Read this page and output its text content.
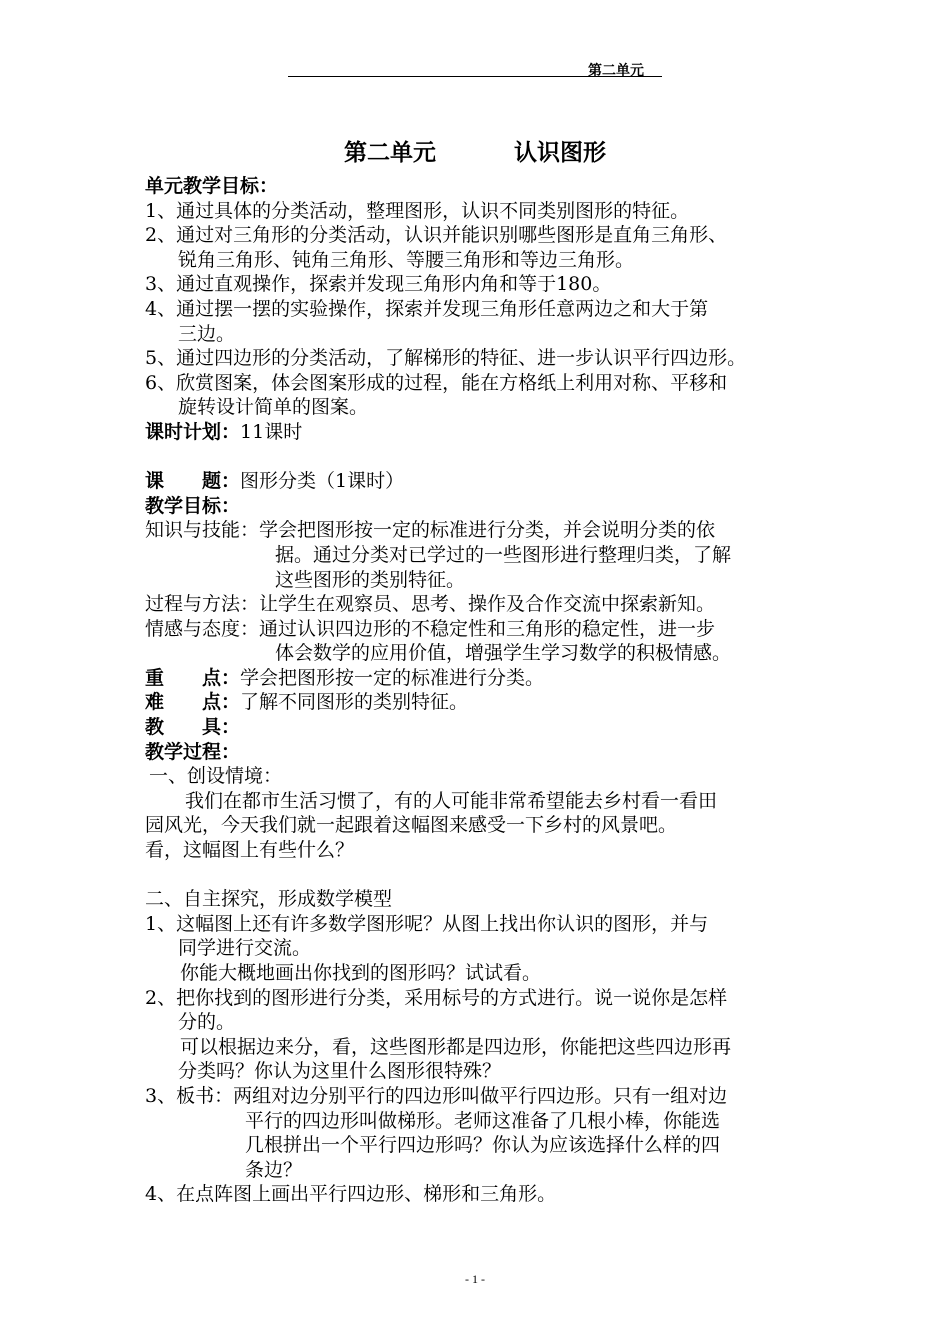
第二单元
第二单元	认识图形
单元教学目标：
1、通过具体的分类活动，整理图形，认识不同类别图形的特征。
2、通过对三角形的分类活动，认识并能识别哪些图形是直角三角形、
锐角三角形、钝角三角形、等腰三角形和等边三角形。
3、通过直观操作，探索并发现三角形内角和等于180。
4、通过摆一摆的实验操作，探索并发现三角形任意两边之和大于第
三边。
5、通过四边形的分类活动，了解梯形的特征、进一步认识平行四边形。
6、欣赏图案，体会图案形成的过程，能在方格纸上利用对称、平移和
旋转设计简单的图案。
课时计划：11课时
课　　题：图形分类（1课时）
教学目标：
知识与技能：学会把图形按一定的标准进行分类，并会说明分类的依
据。通过分类对已学过的一些图形进行整理归类，了解
这些图形的类别特征。
过程与方法：让学生在观察员、思考、操作及合作交流中探索新知。
情感与态度：通过认识四边形的不稳定性和三角形的稳定性，进一步
体会数学的应用价值，增强学生学习数学的积极情感。
重　　点：学会把图形按一定的标准进行分类。
难　　点：了解不同图形的类别特征。
教　　具：
教学过程：
一、创设情境：
我们在都市生活习惯了，有的人可能非常希望能去乡村看一看田
园风光，今天我们就一起跟着这幅图来感受一下乡村的风景吧。
看，这幅图上有些什么？
二、自主探究，形成数学模型
1、这幅图上还有许多数学图形呢？从图上找出你认识的图形，并与
同学进行交流。
你能大概地画出你找到的图形吗？试试看。
2、把你找到的图形进行分类，采用标号的方式进行。说一说你是怎样
分的。
可以根据边来分，看，这些图形都是四边形，你能把这些四边形再
分类吗？你认为这里什么图形很特殊？
3、板书：两组对边分别平行的四边形叫做平行四边形。只有一组对边
平行的四边形叫做梯形。老师这准备了几根小棒，你能选
几根拼出一个平行四边形吗？你认为应该选择什么样的四
条边？
4、在点阵图上画出平行四边形、梯形和三角形。
- 1 -
